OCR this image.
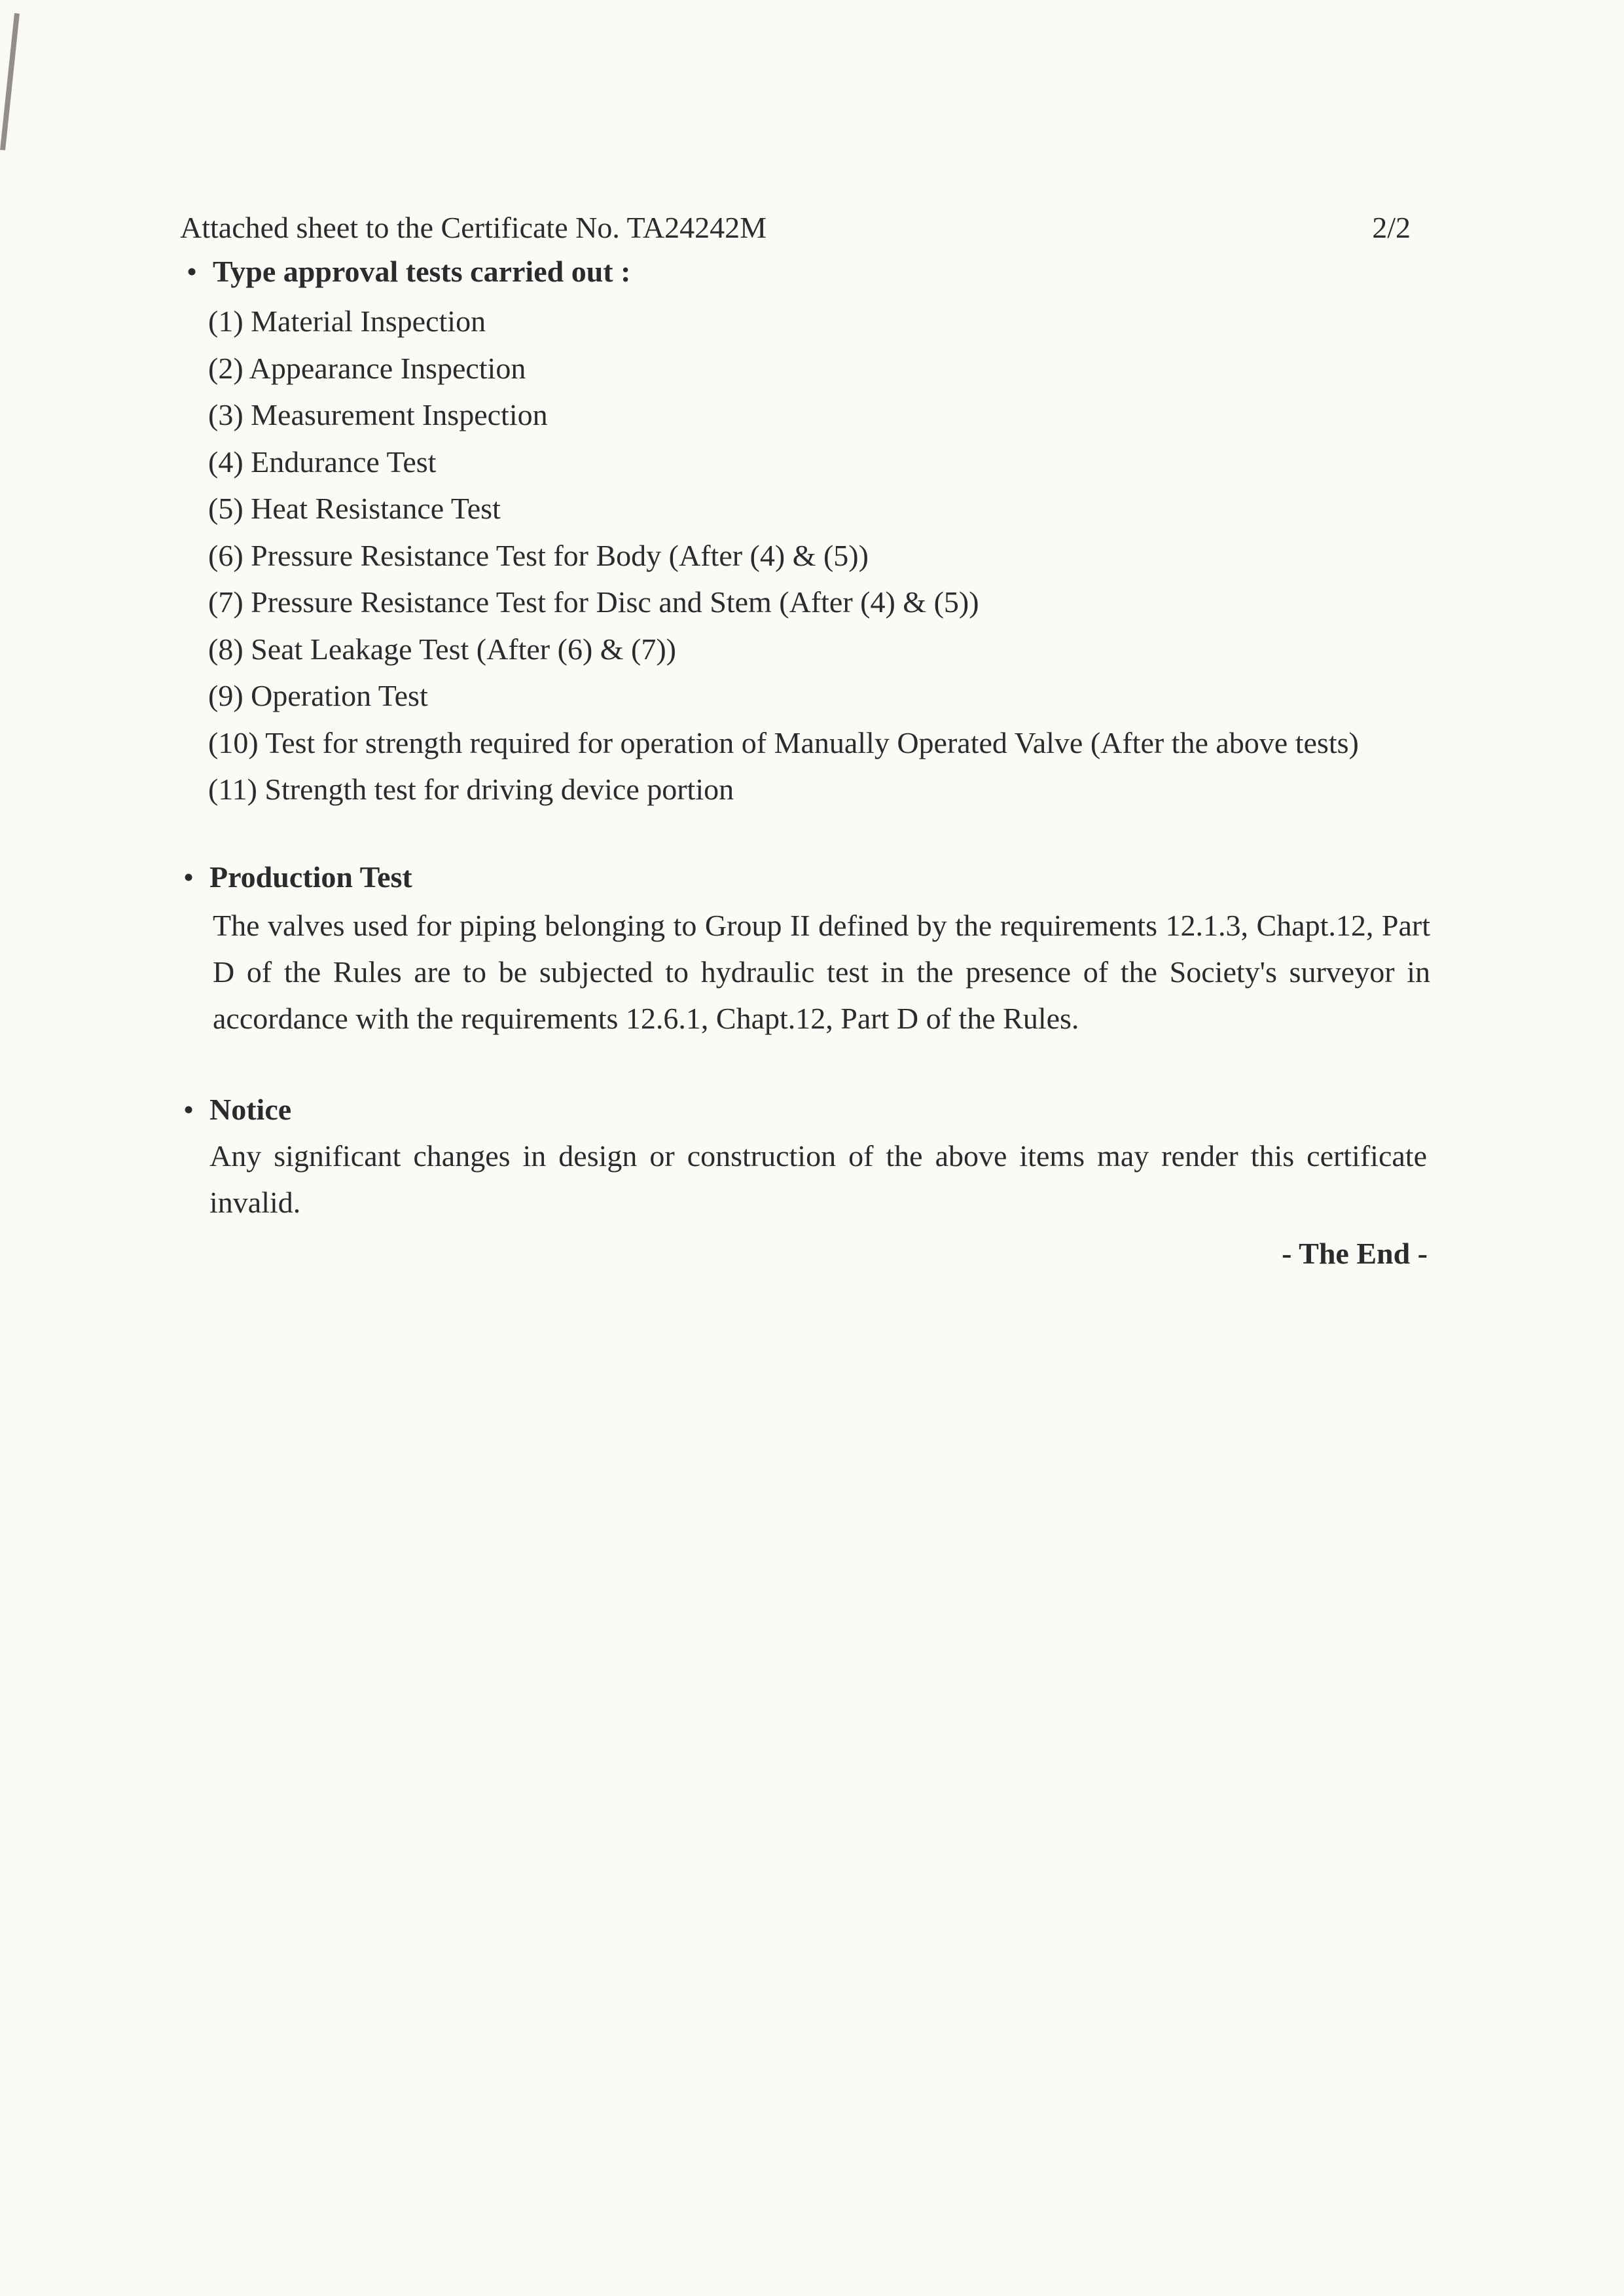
Attached sheet to the Certificate No. TA24242M	2/2
• Type approval tests carried out :
(1) Material Inspection
(2) Appearance Inspection
(3) Measurement Inspection
(4) Endurance Test
(5) Heat Resistance Test
(6) Pressure Resistance Test for Body (After (4) & (5))
(7) Pressure Resistance Test for Disc and Stem (After (4) & (5))
(8) Seat Leakage Test (After (6) & (7))
(9) Operation Test
(10) Test for strength required for operation of Manually Operated Valve (After the above tests)
(11) Strength test for driving device portion
• Production Test
The valves used for piping belonging to Group II defined by the requirements 12.1.3, Chapt.12, Part D of the Rules are to be subjected to hydraulic test in the presence of the Society's surveyor in accordance with the requirements 12.6.1, Chapt.12, Part D of the Rules.
• Notice
Any significant changes in design or construction of the above items may render this certificate invalid.
- The End -
